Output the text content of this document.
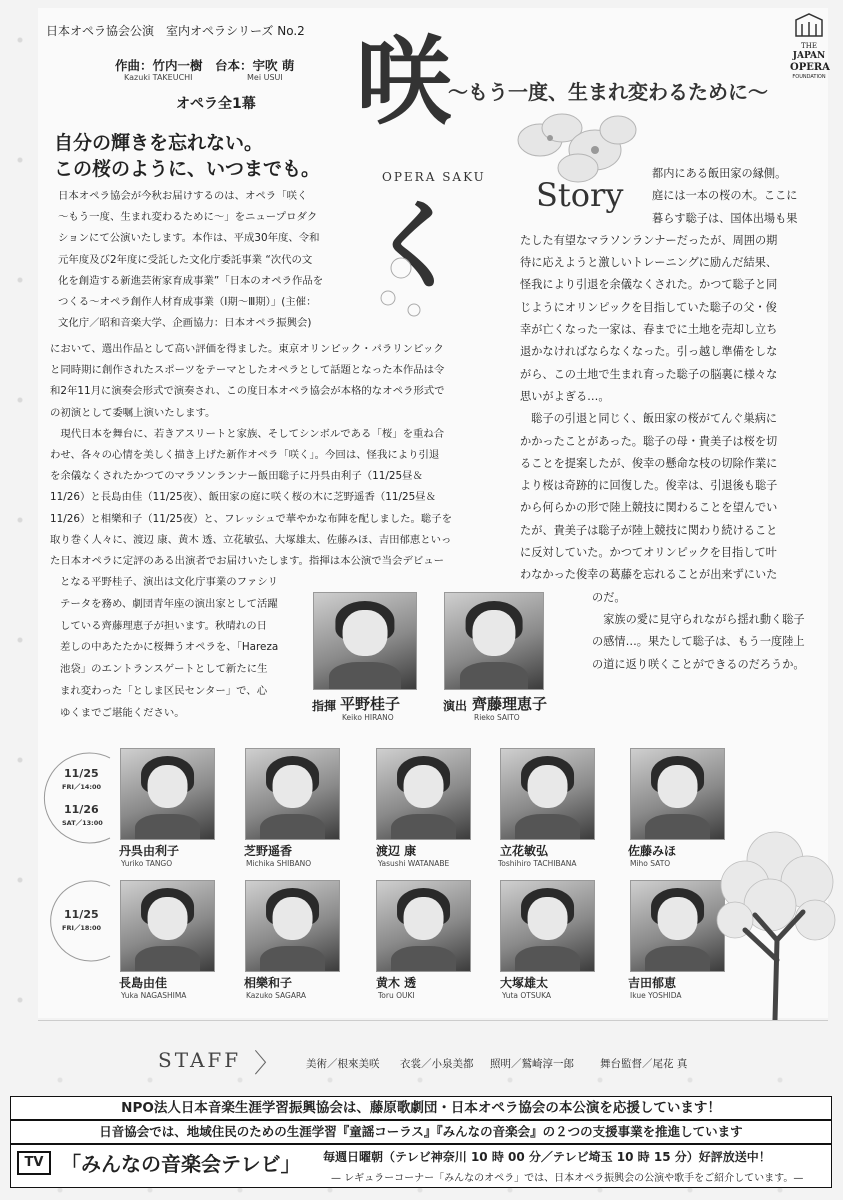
日本オペラ協会公演　室内オペラシリーズ No.2
作曲：竹内一樹
Kazuki TAKEUCHI
台本：宇吹 萌
Mei USUI
オペラ全1幕 咲
く
〜もう一度、生まれ変わるために〜
OPERA SAKU
THE
JAPAN
OPERA
FOUNDATION
自分の輝きを忘れない。
この桜のように、いつまでも。
日本オペラ協会が今秋お届けするのは、オペラ「咲く
〜もう一度、生まれ変わるために〜」をニュープロダク
ションにて公演いたします。本作は、平成30年度、令和
元年度及び2年度に受託した文化庁委託事業 “次代の文
化を創造する新進芸術家育成事業”「日本のオペラ作品を
つくる〜オペラ創作人材育成事業（Ⅰ期〜Ⅲ期）」(主催：
文化庁／昭和音楽大学、企画協力：日本オペラ振興会)
において、選出作品として高い評価を得ました。東京オリンピック・パラリンピック
と同時期に創作されたスポーツをテーマとしたオペラとして話題となった本作品は令
和2年11月に演奏会形式で演奏され、この度日本オペラ協会が本格的なオペラ形式で
の初演として委嘱上演いたします。
　現代日本を舞台に、若きアスリートと家族、そしてシンボルである「桜」を重ね合
わせ、各々の心情を美しく描き上げた新作オペラ「咲く」。今回は、怪我により引退
を余儀なくされたかつてのマラソンランナー飯田聡子に丹呉由利子（11/25昼＆
11/26）と長島由佳（11/25夜）、飯田家の庭に咲く桜の木に芝野遥香（11/25昼＆
11/26）と相樂和子（11/25夜）と、フレッシュで華やかな布陣を配しました。聡子を
取り巻く人々に、渡辺 康、黄木 透、立花敏弘、大塚雄太、佐藤みほ、吉田郁恵といっ
た日本オペラに定評のある出演者でお届けいたします。指揮は本公演で当会デビュー
となる平野桂子、演出は文化庁事業のファシリ
テータを務め、劇団青年座の演出家として活躍
している齊藤理恵子が担います。秋晴れの日
差しの中あたたかに桜舞うオペラを、「Hareza
池袋」のエントランスゲートとして新たに生
まれ変わった「としま区民センター」で、心
ゆくまでご堪能ください。
Story
都内にある飯田家の縁側。
庭には一本の桜の木。ここに
暮らす聡子は、国体出場も果
たした有望なマラソンランナーだったが、周囲の期
待に応えようと激しいトレーニングに励んだ結果、
怪我により引退を余儀なくされた。かつて聡子と同
じようにオリンピックを目指していた聡子の父・俊
幸が亡くなった一家は、春までに土地を売却し立ち
退かなければならなくなった。引っ越し準備をしな
がら、この土地で生まれ育った聡子の脳裏に様々な
思いがよぎる…。
　聡子の引退と同じく、飯田家の桜がてんぐ巣病に
かかったことがあった。聡子の母・貴美子は桜を切
ることを提案したが、俊幸の懸命な枝の切除作業に
より桜は奇跡的に回復した。俊幸は、引退後も聡子
から何らかの形で陸上競技に関わることを望んでい
たが、貴美子は聡子が陸上競技に関わり続けること
に反対していた。かつてオリンピックを目指して叶
わなかった俊幸の葛藤を忘れることが出来ずにいた
のだ。
　家族の愛に見守られながら揺れ動く聡子
の感情…。果たして聡子は、もう一度陸上
の道に返り咲くことができるのだろうか。
指揮 平野桂子
Keiko HIRANO
演出 齊藤理恵子
Rieko SAITO
11/25
FRI／14:00
11/26
SAT／13:00
11/25
FRI／18:00
丹呉由利子
Yuriko TANGO
芝野遥香
Michika SHIBANO
渡辺 康
Yasushi WATANABE
立花敏弘
Toshihiro TACHIBANA
佐藤みほ
Miho SATO
長島由佳
Yuka NAGASHIMA
相樂和子
Kazuko SAGARA
黄木 透
Toru OUKI
大塚雄太
Yuta OTSUKA
吉田郁恵
Ikue YOSHIDA
STAFF 〉 美術／根來美咲 衣裳／小泉美都 照明／鷲崎淳一郎 舞台監督／尾花 真
NPO法人日本音楽生涯学習振興協会は、藤原歌劇団・日本オペラ協会の本公演を応援しています！
日音協会では、地域住民のための生涯学習『童謡コーラス』『みんなの音楽会』の２つの支援事業を推進しています
TV 「みんなの音楽会テレビ」 毎週日曜朝（テレビ神奈川 10 時 00 分／テレビ埼玉 10 時 15 分）好評放送中！
— レギュラーコーナー「みんなのオペラ」では、日本オペラ振興会の公演や歌手をご紹介しています。—
